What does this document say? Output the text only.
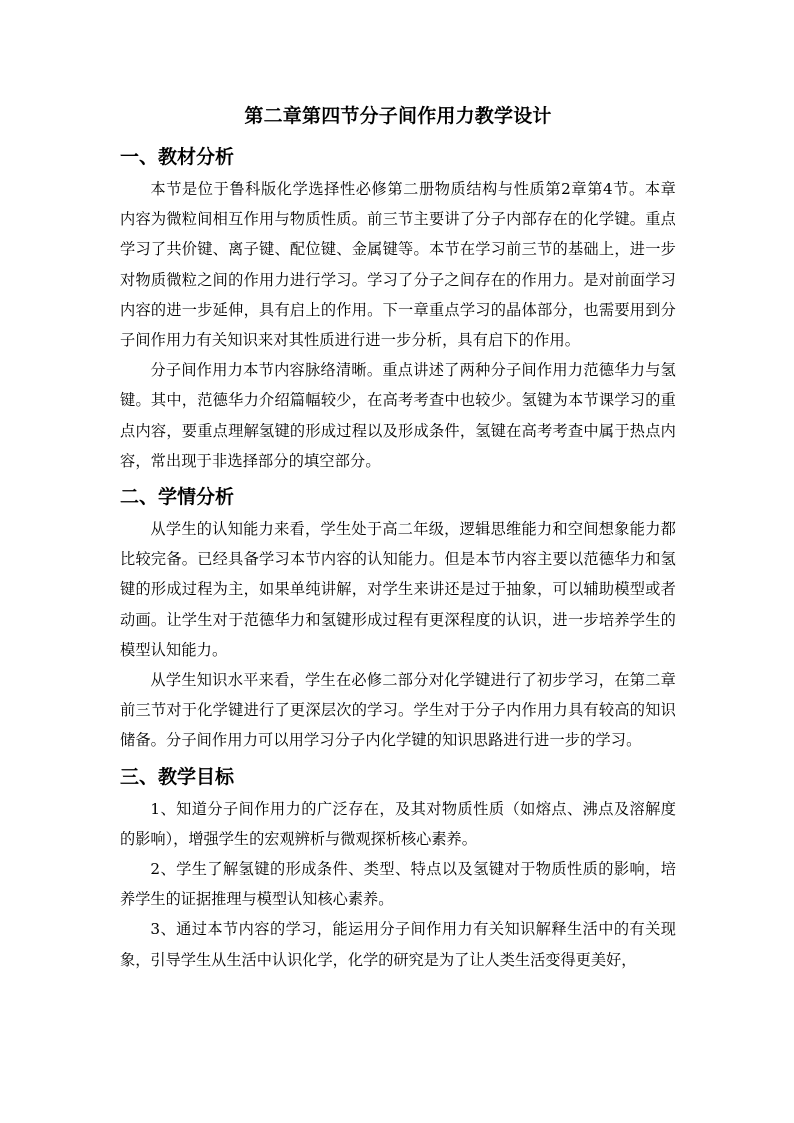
第二章第四节分子间作用力教学设计
一、教材分析

本节是位于鲁科版化学选择性必修第二册物质结构与性质第2章第4节。本章内容为微粒间相互作用与物质性质。前三节主要讲了分子内部存在的化学键。重点学习了共价键、离子键、配位键、金属键等。本节在学习前三节的基础上，进一步对物质微粒之间的作用力进行学习。学习了分子之间存在的作用力。是对前面学习内容的进一步延伸，具有启上的作用。下一章重点学习的晶体部分，也需要用到分子间作用力有关知识来对其性质进行进一步分析，具有启下的作用。

分子间作用力本节内容脉络清晰。重点讲述了两种分子间作用力范德华力与氢键。其中，范德华力介绍篇幅较少，在高考考查中也较少。氢键为本节课学习的重点内容，要重点理解氢键的形成过程以及形成条件，氢键在高考考查中属于热点内容，常出现于非选择部分的填空部分。

二、学情分析

从学生的认知能力来看，学生处于高二年级，逻辑思维能力和空间想象能力都比较完备。已经具备学习本节内容的认知能力。但是本节内容主要以范德华力和氢键的形成过程为主，如果单纯讲解，对学生来讲还是过于抽象，可以辅助模型或者动画。让学生对于范德华力和氢键形成过程有更深程度的认识，进一步培养学生的模型认知能力。

从学生知识水平来看，学生在必修二部分对化学键进行了初步学习，在第二章前三节对于化学键进行了更深层次的学习。学生对于分子内作用力具有较高的知识储备。分子间作用力可以用学习分子内化学键的知识思路进行进一步的学习。

三、教学目标

1、知道分子间作用力的广泛存在，及其对物质性质（如熔点、沸点及溶解度的影响），增强学生的宏观辨析与微观探析核心素养。

2、学生了解氢键的形成条件、类型、特点以及氢键对于物质性质的影响，培养学生的证据推理与模型认知核心素养。

3、通过本节内容的学习，能运用分子间作用力有关知识解释生活中的有关现象，引导学生从生活中认识化学，化学的研究是为了让人类生活变得更美好，
